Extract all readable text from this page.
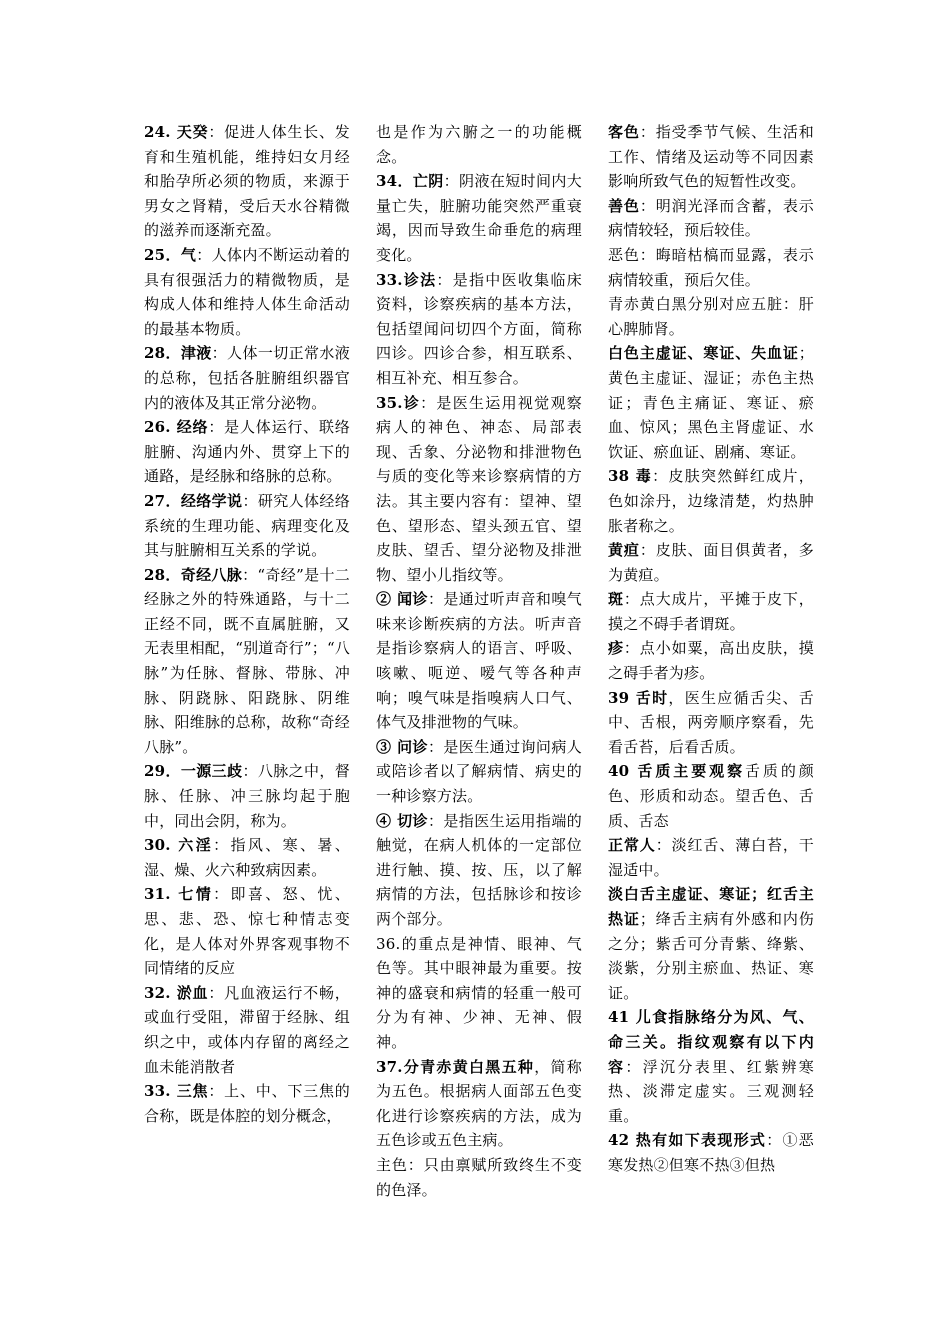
24. 天癸：促进人体生长、发育和生殖机能，维持妇女月经和胎孕所必须的物质，来源于男女之肾精，受后天水谷精微的滋养而逐渐充盈。

25．气：人体内不断运动着的具有很强活力的精微物质，是构成人体和维持人体生命活动的最基本物质。

28．津液：人体一切正常水液的总称，包括各脏腑组织器官内的液体及其正常分泌物。

26. 经络：是人体运行、联络脏腑、沟通内外、贯穿上下的通路，是经脉和络脉的总称。

27．经络学说：研究人体经络系统的生理功能、病理变化及其与脏腑相互关系的学说。

28．奇经八脉：“奇经”是十二经脉之外的特殊通路，与十二正经不同，既不直属脏腑，又无表里相配，“别道奇行”；“八脉”为任脉、督脉、带脉、冲脉、阴跷脉、阳跷脉、阴维脉、阳维脉的总称，故称“奇经八脉”。

29．一源三歧：八脉之中，督脉、任脉、冲三脉均起于胞中，同出会阴，称为。

30. 六淫：指风、寒、暑、湿、燥、火六种致病因素。

31. 七情：即喜、怒、忧、思、悲、恐、惊七种情志变化，是人体对外界客观事物不同情绪的反应

32. 淤血：凡血液运行不畅，或血行受阻，滞留于经脉、组织之中，或体内存留的离经之血未能消散者

33. 三焦：上、中、下三焦的合称，既是体腔的划分概念，

也是作为六腑之一的功能概念。

34．亡阴：阴液在短时间内大量亡失，脏腑功能突然严重衰竭，因而导致生命垂危的病理变化。

33.诊法：是指中医收集临床资料，诊察疾病的基本方法，包括望闻问切四个方面，简称四诊。四诊合参，相互联系、相互补充、相互参合。

35.诊：是医生运用视觉观察病人的神色、神态、局部表现、舌象、分泌物和排泄物色与质的变化等来诊察病情的方法。其主要内容有：望神、望色、望形态、望头颈五官、望皮肤、望舌、望分泌物及排泄物、望小儿指纹等。

② 闻诊：是通过听声音和嗅气味来诊断疾病的方法。听声音是指诊察病人的语言、呼吸、咳嗽、呃逆、嗳气等各种声响；嗅气味是指嗅病人口气、体气及排泄物的气味。

③ 问诊：是医生通过询问病人或陪诊者以了解病情、病史的一种诊察方法。

④ 切诊：是指医生运用指端的触觉，在病人机体的一定部位进行触、摸、按、压，以了解病情的方法，包括脉诊和按诊两个部分。

36.的重点是神情、眼神、气色等。其中眼神最为重要。按神的盛衰和病情的轻重一般可分为有神、少神、无神、假神。

37.分青赤黄白黑五种，简称为五色。根据病人面部五色变化进行诊察疾病的方法，成为五色诊或五色主病。

主色：只由禀赋所致终生不变的色泽。

客色：指受季节气候、生活和工作、情绪及运动等不同因素影响所致气色的短暂性改变。

善色：明润光泽而含蓄，表示病情较轻，预后较佳。

恶色：晦暗枯槁而显露，表示病情较重，预后欠佳。

青赤黄白黑分别对应五脏：肝心脾肺肾。

白色主虚证、寒证、失血证；黄色主虚证、湿证；赤色主热证；青色主痛证、寒证、瘀血、惊风；黑色主肾虚证、水饮证、瘀血证、剧痛、寒证。

38 毒：皮肤突然鲜红成片，色如涂丹，边缘清楚，灼热肿胀者称之。

黄疸：皮肤、面目俱黄者，多为黄疸。

斑：点大成片，平摊于皮下，摸之不碍手者谓斑。

疹：点小如粟，高出皮肤，摸之碍手者为疹。

39 舌时，医生应循舌尖、舌中、舌根，两旁顺序察看，先看舌苔，后看舌质。

40 舌质主要观察舌质的颜色、形质和动态。望舌色、舌质、舌态

正常人：淡红舌、薄白苔，干湿适中。

淡白舌主虚证、寒证；红舌主热证；绛舌主病有外感和内伤之分；紫舌可分青紫、绛紫、淡紫，分别主瘀血、热证、寒证。

41 儿食指脉络分为风、气、命三关。指纹观察有以下内容：浮沉分表里、红紫辨寒热、淡滞定虚实。三观测轻重。

42 热有如下表现形式：①恶寒发热②但寒不热③但热
